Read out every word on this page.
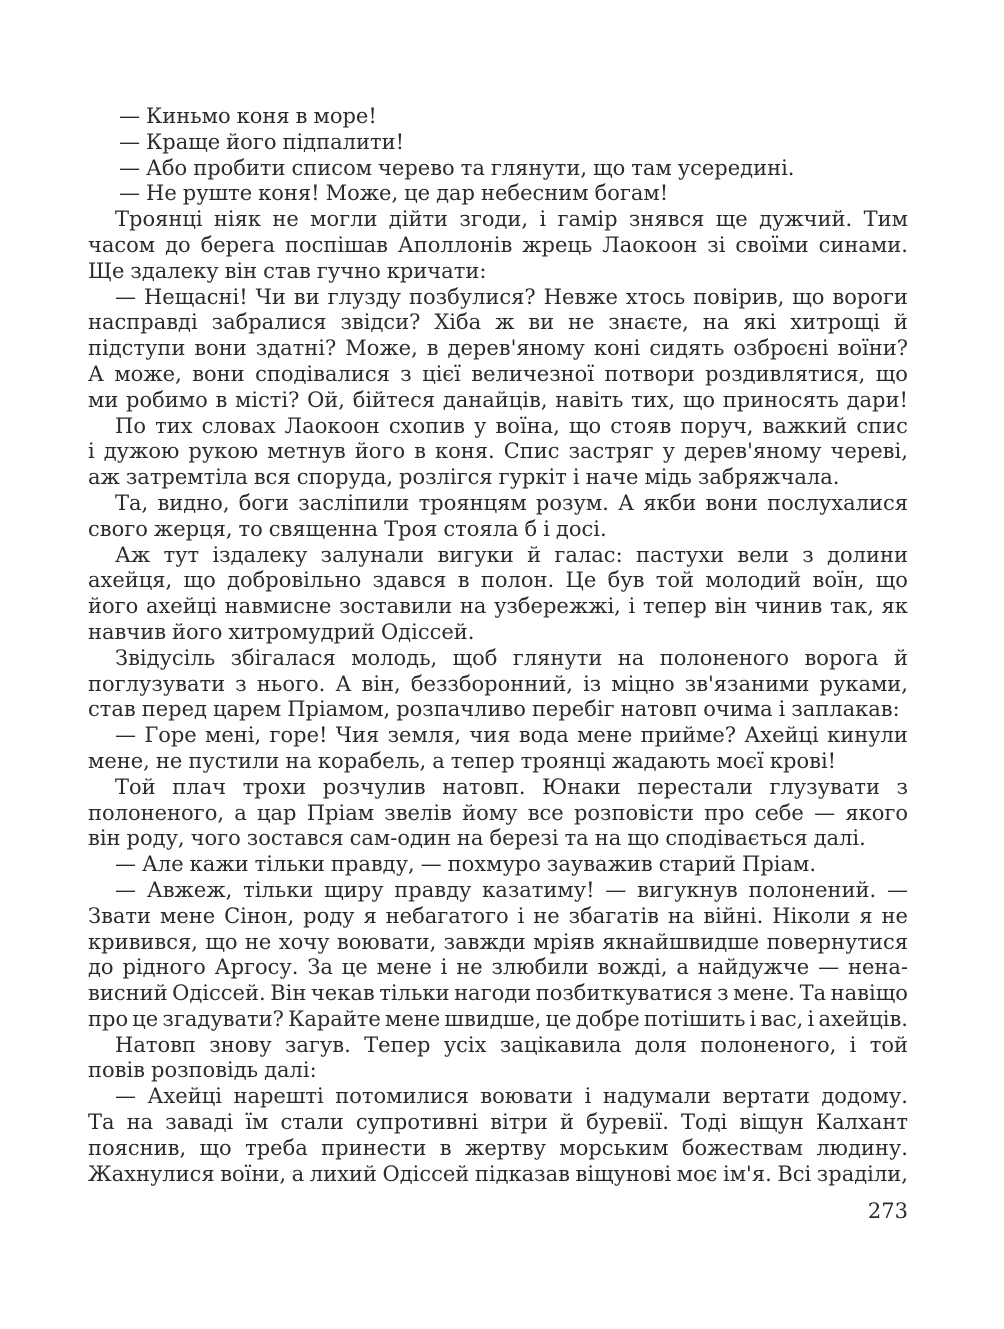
— Киньмо коня в море!
— Краще його підпалити!
— Або пробити списом черево та глянути, що там усередині.
— Не руште коня! Може, це дар небесним богам!
Троянці ніяк не могли дійти згоди, і гамір знявся ще дужчий. Тим
часом до берега поспішав Аполлонів жрець Лаокоон зі своїми синами.
Ще здалеку він став гучно кричати:
— Нещасні! Чи ви глузду позбулися? Невже хтось повірив, що вороги
насправді забралися звідси? Хіба ж ви не знаєте, на які хитрощі й
підступи вони здатні? Може, в дерев'яному коні сидять озброєні воїни?
А може, вони сподівалися з цієї величезної потвори роздивлятися, що
ми робимо в місті? Ой, бійтеся данайців, навіть тих, що приносять дари!
По тих словах Лаокоон схопив у воїна, що стояв поруч, важкий спис
і дужою рукою метнув його в коня. Спис застряг у дерев'яному череві,
аж затремтіла вся споруда, розлігся гуркіт і наче мідь забряжчала.
Та, видно, боги засліпили троянцям розум. А якби вони послухалися
свого жерця, то священна Троя стояла б і досі.
Аж тут іздалеку залунали вигуки й галас: пастухи вели з долини
ахейця, що добровільно здався в полон. Це був той молодий воїн, що
його ахейці навмисне зоставили на узбережжі, і тепер він чинив так, як
навчив його хитромудрий Одіссей.
Звідусіль збігалася молодь, щоб глянути на полоненого ворога й
поглузувати з нього. А він, беззборонний, із міцно зв'язаними руками,
став перед царем Пріамом, розпачливо перебіг натовп очима і заплакав:
— Горе мені, горе! Чия земля, чия вода мене прийме? Ахейці кинули
мене, не пустили на корабель, а тепер троянці жадають моєї крові!
Той плач трохи розчулив натовп. Юнаки перестали глузувати з
полоненого, а цар Пріам звелів йому все розповісти про себе — якого
він роду, чого зостався сам-один на березі та на що сподівається далі.
— Але кажи тільки правду, — похмуро зауважив старий Пріам.
— Авжеж, тільки щиру правду казатиму! — вигукнув полонений. —
Звати мене Сінон, роду я небагатого і не збагатів на війні. Ніколи я не
кривився, що не хочу воювати, завжди мріяв якнайшвидше повернутися
до рідного Аргосу. За це мене і не злюбили вожді, а найдужче — нена-
висний Одіссей. Він чекав тільки нагоди позбиткуватися з мене. Та навіщо
про це згадувати? Карайте мене швидше, це добре потішить і вас, і ахейців.
Натовп знову загув. Тепер усіх зацікавила доля полоненого, і той
повів розповідь далі:
— Ахейці нарешті потомилися воювати і надумали вертати додому.
Та на заваді їм стали супротивні вітри й буревії. Тоді віщун Калхант
пояснив, що треба принести в жертву морським божествам людину.
Жахнулися воїни, а лихий Одіссей підказав віщунові моє ім'я. Всі зраділи,
273
